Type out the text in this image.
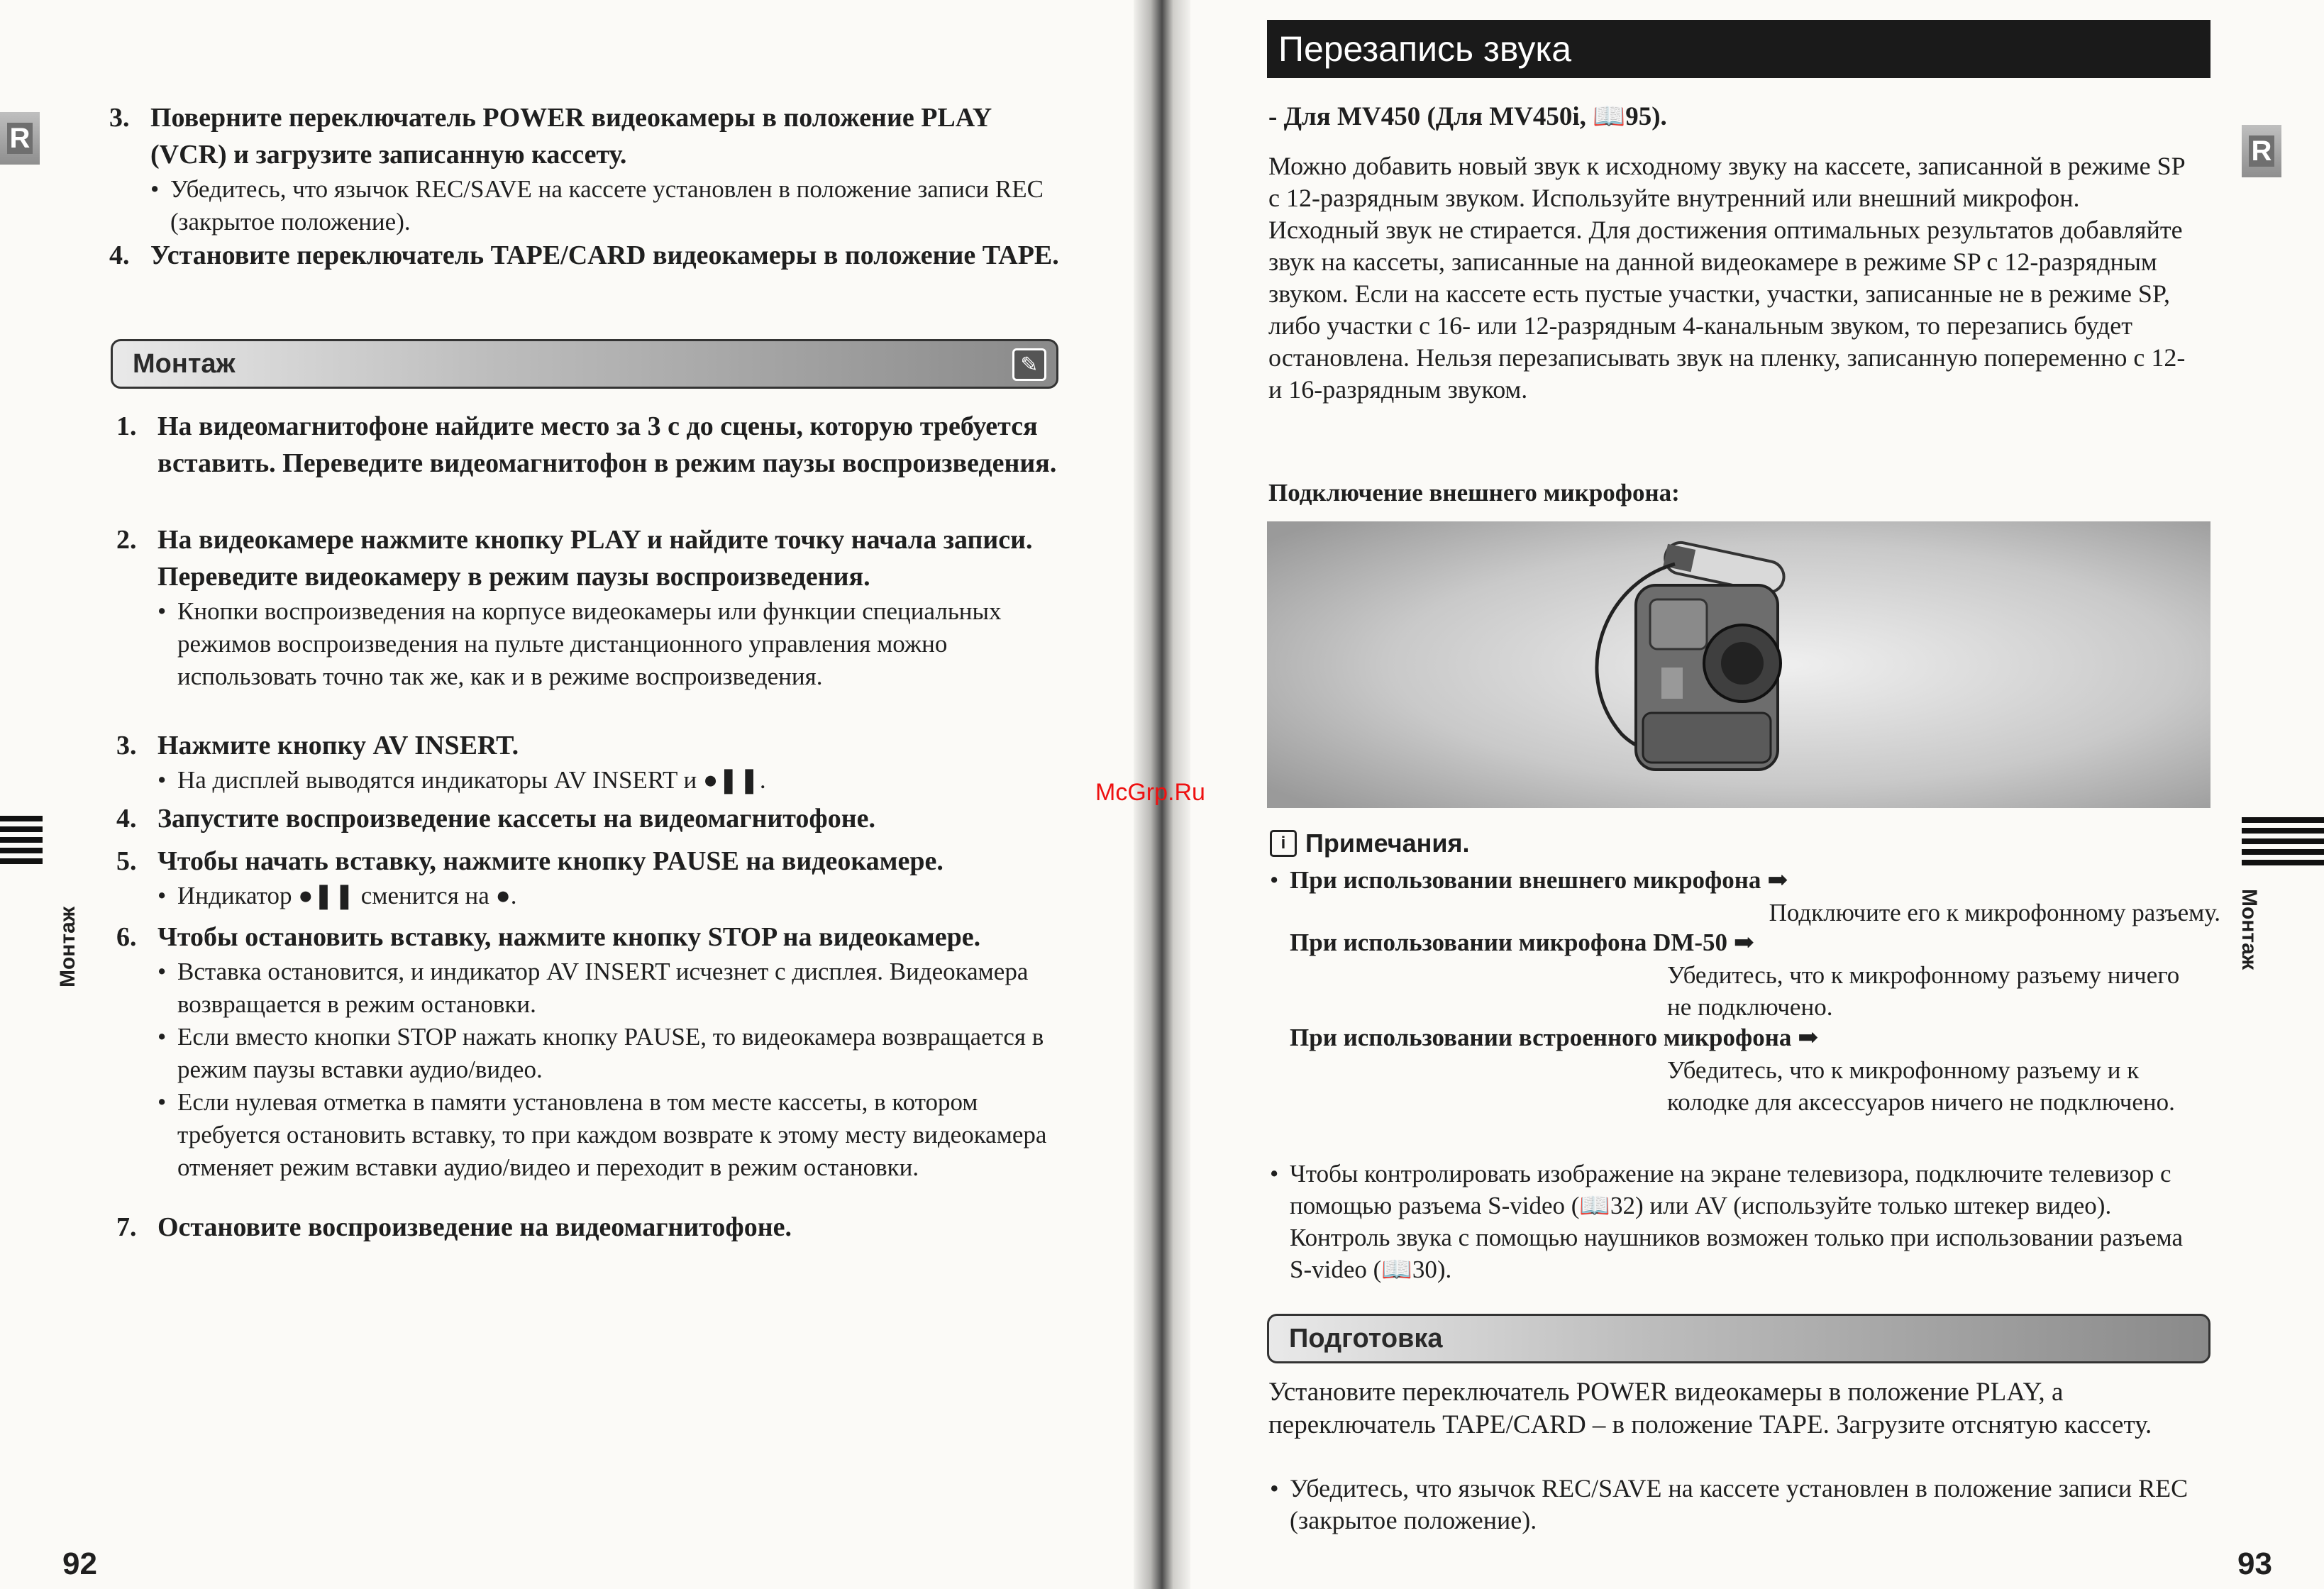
R
Монтаж
3. Поверните переключатель POWER видеокамеры в положение PLAY (VCR) и загрузите записанную кассету.
• Убедитесь, что язычок REC/SAVE на кассете установлен в положение записи REC (закрытое положение).
4. Установите переключатель TAPE/CARD видеокамеры в положение TAPE.
Монтаж	✎
1. На видеомагнитофоне найдите место за 3 с до сцены, которую требуется вставить. Переведите видеомагнитофон в режим паузы воспроизведения.
2. На видеокамере нажмите кнопку PLAY и найдите точку начала записи. Переведите видеокамеру в режим паузы воспроизведения.
• Кнопки воспроизведения на корпусе видеокамеры или функции специальных режимов воспроизведения на пульте дистанционного управления можно использовать точно так же, как и в режиме воспроизведения.
3. Нажмите кнопку AV INSERT.
• На дисплей выводятся индикаторы AV INSERT и ●❚❚.
4. Запустите воспроизведение кассеты на видеомагнитофоне.
5. Чтобы начать вставку, нажмите кнопку PAUSE на видеокамере.
• Индикатор ●❚❚ сменится на ●.
6. Чтобы остановить вставку, нажмите кнопку STOP на видеокамере.
• Вставка остановится, и индикатор AV INSERT исчезнет с дисплея. Видеокамера возвращается в режим остановки.
• Если вместо кнопки STOP нажать кнопку PAUSE, то видеокамера возвращается в режим паузы вставки аудио/видео.
• Если нулевая отметка в памяти установлена в том месте кассеты, в котором требуется остановить вставку, то при каждом возврате к этому месту видеокамера отменяет режим вставки аудио/видео и переходит в режим остановки.
7. Остановите воспроизведение на видеомагнитофоне.
92
Перезапись звука
R
Монтаж
- Для MV450 (Для MV450i, 📖95).
Можно добавить новый звук к исходному звуку на кассете, записанной в режиме SP с 12-разрядным звуком. Используйте внутренний или внешний микрофон. Исходный звук не стирается. Для достижения оптимальных результатов добавляйте звук на кассеты, записанные на данной видеокамере в режиме SP с 12-разрядным звуком. Если на кассете есть пустые участки, участки, записанные не в режиме SP, либо участки с 16- или 12-разрядным 4-канальным звуком, то перезапись будет остановлена. Нельзя перезаписывать звук на пленку, записанную попеременно с 12- и 16-разрядным звуком.
Подключение внешнего микрофона:
i Примечания.
• При использовании внешнего микрофона ➡
Подключите его к микрофонному разъему.
При использовании микрофона DM-50 ➡
Убедитесь, что к микрофонному разъему ничего не подключено.
При использовании встроенного микрофона ➡
Убедитесь, что к микрофонному разъему и к колодке для аксессуаров ничего не подключено.
• Чтобы контролировать изображение на экране телевизора, подключите телевизор с помощью разъема S-video (📖32) или AV (используйте только штекер видео). Контроль звука с помощью наушников возможен только при использовании разъема S-video (📖30).
Подготовка
Установите переключатель POWER видеокамеры в положение PLAY, а переключатель TAPE/CARD – в положение TAPE. Загрузите отснятую кассету.
• Убедитесь, что язычок REC/SAVE на кассете установлен в положение записи REC (закрытое положение).
93
McGrp.Ru
